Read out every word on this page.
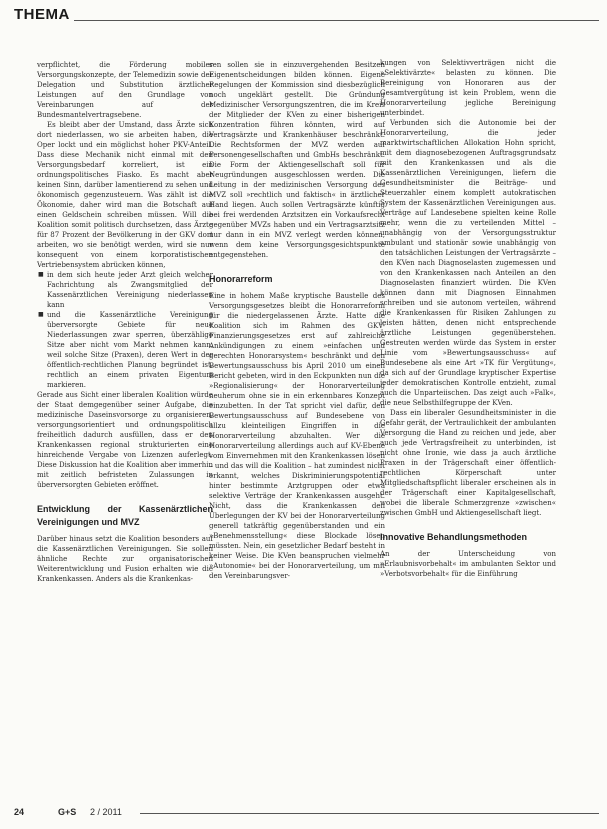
THEMA

verpflichtet, die Förderung mobiler Versorgungskonzepte, der Telemedizin sowie der Delegation und Substitution ärztlicher Leistungen auf den Grundlage von Vereinbarungen auf der Bundesmantelvertragsebene.

Es bleibt aber der Umstand, dass Ärzte sich dort niederlassen, wo sie arbeiten haben, die Oper lockt und ein möglichst hoher PKV-Anteil. Dass diese Mechanik nicht einmal mit den Versorgungsbedarf korreliert, ist ein ordnungspolitisches Fiasko. Es macht aber keinen Sinn, darüber lamentierend zu sehen und ökonomisch gegenzusteuern. Was zählt ist die Ökonomie, daher wird man die Botschaft auf einen Geldschein schreiben müssen. Will die Koalition somit politisch durchsetzen, dass Ärzte für 87 Prozent der Bevölkerung in der GKV dort arbeiten, wo sie benötigt werden, wird sie nur konsequent von einem korporatistischen Vertriebensystem abrücken können,

■ in dem sich heute jeder Arzt gleich welcher Fachrichtung als Zwangsmitglied der Kassenärztlichen Vereinigung niederlassen kann
■ und die Kassenärztliche Vereinigung überversorgte Gebiete für neue Niederlassungen zwar sperren, überzählige Sitze aber nicht vom Markt nehmen kann, weil solche Sitze (Praxen), deren Wert in der öffentlich-rechtlichen Planung begründet ist, rechtlich an einem privaten Eigentum markieren.

Gerade aus Sicht einer liberalen Koalition würde der Staat demgegenüber seiner Aufgabe, die medizinische Daseinsvorsorge zu organisieren, versorgungsorientiert und ordnungspolitisch freiheitlich dadurch ausfüllen, dass er den Krankenkassen regional strukturierten eine hinreichende Vergabe von Lizenzen auferlegt. Diese Diskussion hat die Koalition aber immerhin mit zeitlich befristeten Zulassungen in überversorgten Gebieten eröffnet.

Entwicklung der Kassenärztlichen Vereinigungen und MVZ

Darüber hinaus setzt die Koalition besonders auf die Kassenärztlichen Vereinigungen. Sie sollen ähnliche Rechte zur organisatorischen Weiterentwicklung und Fusion erhalten wie die Krankenkassen. Anders als die Krankenkas-

sen sollen sie in einzuvergehenden Besitzen Eigenentscheidungen bilden können. Eigene Regelungen der Kommission sind diesbezüglich noch ungeklärt gestellt. Die Gründung Medizinischer Versorgungszentren, die im Kreis der Mitglieder der KVen zu einer bisherigen Konzentration führen könnten, wird auf Vertragsärzte und Krankenhäuser beschränkt. Die Rechtsformen der MVZ werden auf Personengesellschaften und GmbHs beschränkt. Die Form der Aktiengesellschaft soll für Neugründungen ausgeschlossen werden. Die Leitung in der medizinischen Versorgung des MVZ soll »rechtlich und faktisch« in ärztlicher Hand liegen. Auch sollen Vertragsärzte künftig bei frei werdenden Arztsitzen ein Vorkaufsrecht gegenüber MVZs haben und ein Vertragsarztsitz nur dann in ein MVZ verlegt werden können, wenn dem keine Versorgungsgesichtspunkte entgegenstehen.

Honorarreform

Eine in hohem Maße kryptische Baustelle des Versorgungsgesetzes bleibt die Honorarreform für die niedergelassenen Ärzte. Hatte die Koalition sich im Rahmen des GKV-Finanzierungsgesetzes erst auf zahlreiche Ankündigungen zu einem »einfachen und gerechten Honorarsystem« beschränkt und den Bewertungsausschuss bis April 2010 um einen Bericht gebeten, wird in den Eckpunkten nun die »Regionalisierung« der Honorarverteilung neuherum ohne sie in ein erkennbares Konzept einzubetten. In der Tat spricht viel dafür, den Bewertungsausschuss auf Bundesebene von allzu kleinteiligen Eingriffen in die Honorarverteilung abzuhalten. Wer die Honorarverteilung allerdings auch auf KV-Ebene vom Einvernehmen mit den Krankenkassen lösen – und das will die Koalition – hat zumindest nicht erkannt, welches Diskriminierungspotential hinter bestimmte Arztgruppen oder etwa selektive Verträge der Krankenkassen ausgeht. Nicht, dass die Krankenkassen den Überlegungen der KV bei der Honorarverteilung generell tatkräftig gegenüberstanden und ein »Benehmensstellung« diese Blockade lösen müssten. Nein, ein gesetzlicher Bedarf besteht in keiner Weise. Die KVen beanspruchen vielmehr »Autonomie« bei der Honorarverteilung, um mit den Vereinbarungsver-

kungen von Selektivverträgen nicht die »Selektivärzte« belasten zu können. Die Bereinigung von Honoraren aus der Gesamtvergütung ist kein Problem, wenn die Honorarverteilung jegliche Bereinigung unterbindet.

Verbunden sich die Autonomie bei der Honorarverteilung, die jeder marktwirtschaftlichen Allokation Hohn spricht, mit dem diagnosebezogenen Auftragsgrundsatz mit den Krankenkassen und als die Kassenärztlichen Vereinigungen, liefern die Gesundheitsminister die Beiträge- und Steuerzahler einem komplett autokratischen System der Kassenärztlichen Vereinigungen aus. Verträge auf Landesebene spielten keine Rolle mehr, wenn die zu verteilenden Mittel – unabhängig von der Versorgungsstruktur ambulant und stationär sowie unabhängig von den tatsächlichen Leistungen der Vertragsärzte – den KVen nach Diagnoselasten zugemessen und von den Krankenkassen nach Anteilen an den Diagnoselasten finanziert würden. Die KVen können dann mit Diagnosen Einnahmen schreiben und sie autonom verteilen, während die Krankenkassen für Risiken Zahlungen zu leisten hätten, denen nicht entsprechende ärztliche Leistungen gegenüberstehen. Gestreuten werden würde das System in erster Linie vom »Bewertungsausschuss« auf Bundesebene als eine Art »TK für Vergütung«, da sich auf der Grundlage kryptischer Expertise jeder demokratischen Kontrolle entzieht, zumal auch die Unparteiischen. Das zeigt auch »Falk«, die neue Selbsthilfegruppe der KVen.

Dass ein liberaler Gesundheitsminister in die Gefahr gerät, der Vertraulichkeit der ambulanten Versorgung die Hand zu reichen und jede, aber auch jede Vertragsfreiheit zu unterbinden, ist nicht ohne Ironie, wie dass ja auch ärztliche Praxen in der Trägerschaft einer öffentlich-rechtlichen Körperschaft unter Mitgliedschaftspflicht liberaler erscheinen als in der Trägerschaft einer Kapitalgesellschaft, wobei die liberale Schmerzgrenze »zwischen« zwischen GmbH und Aktiengesellschaft liegt.

Innovative Behandlungsmethoden

An der Unterscheidung von »Erlaubnisvorbehalt« im ambulanten Sektor und »Verbotsvorbehalt« für die Einführung

24	G+S 2 / 2011
